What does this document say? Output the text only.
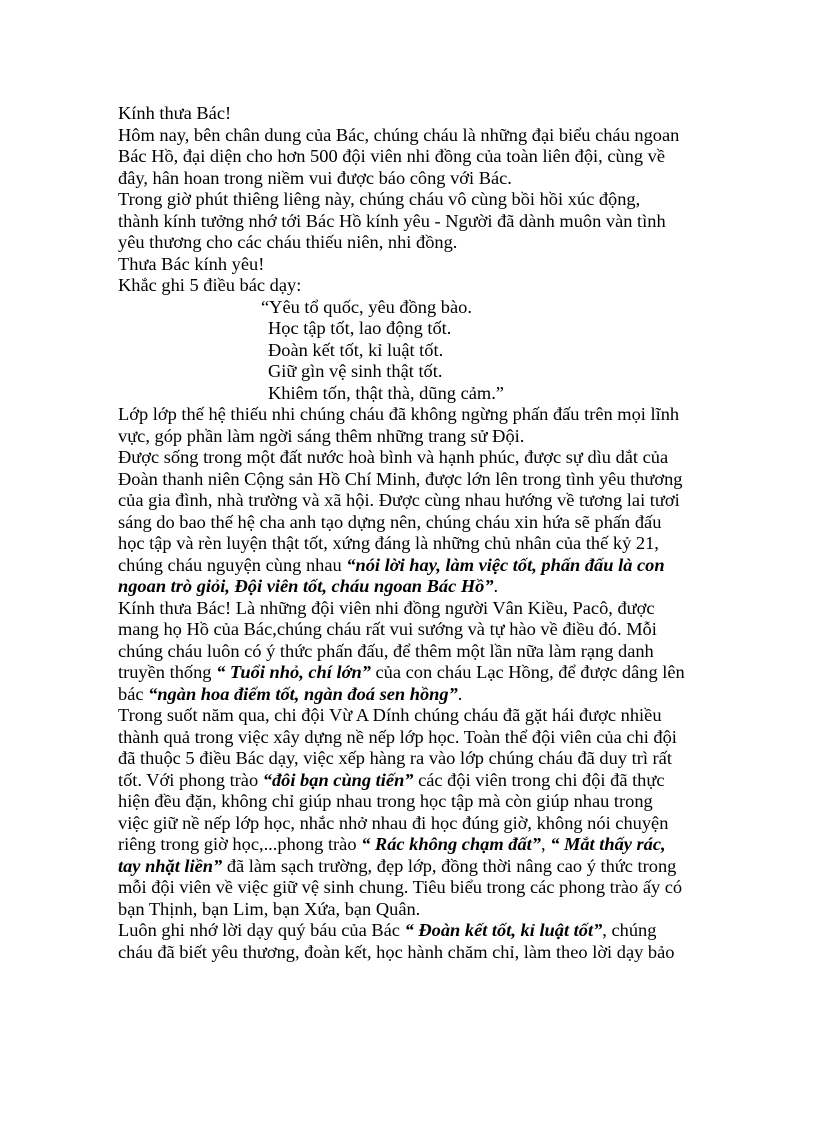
Kính thưa Bác!
Hôm nay, bên chân dung của Bác, chúng cháu là những đại biểu cháu ngoan
Bác Hồ, đại diện cho hơn 500 đội viên nhi đồng của toàn liên đội, cùng về
đây, hân hoan trong niềm vui được báo công với Bác.
Trong giờ phút thiêng liêng này, chúng cháu vô cùng bồi hồi xúc động,
thành kính tưởng nhớ tới Bác Hồ kính yêu - Người đã dành muôn vàn tình
yêu thương cho các cháu thiếu niên, nhi đồng.
Thưa Bác kính yêu!
Khắc ghi 5 điều bác dạy:
“Yêu tổ quốc, yêu đồng bào.
Học tập tốt, lao động tốt.
Đoàn kết tốt, kỉ luật tốt.
Giữ gìn vệ sinh thật tốt.
Khiêm tốn, thật thà, dũng cảm.”
Lớp lớp thế hệ thiếu nhi chúng cháu đã không ngừng phấn đấu trên mọi lĩnh
vực, góp phần làm ngời sáng thêm những trang sử Đội.
Được sống trong một đất nước hoà bình và hạnh phúc, được sự dìu dắt của
Đoàn thanh niên Cộng sản Hồ Chí Minh, được lớn lên trong tình yêu thương
của gia đình, nhà trường và xã hội. Được cùng nhau hướng về tương lai tươi
sáng do bao thế hệ cha anh tạo dựng nên, chúng cháu xin hứa sẽ phấn đấu
học tập và rèn luyện thật tốt, xứng đáng là những chủ nhân của thế kỷ 21,
chúng cháu nguyện cùng nhau “nói lời hay, làm việc tốt, phấn đấu là con
ngoan trò giỏi, Đội viên tốt, cháu ngoan Bác Hồ”.
Kính thưa Bác! Là những đội viên nhi đồng người Vân Kiều, Pacô, được
mang họ Hồ của Bác,chúng cháu rất vui sướng và tự hào về điều đó. Mỗi
chúng cháu luôn có ý thức phấn đấu, để thêm một lần nữa làm rạng danh
truyền thống “ Tuổi nhỏ, chí lớn” của con cháu Lạc Hồng, để được dâng lên
bác “ngàn hoa điểm tốt, ngàn đoá sen hồng”.
Trong suốt năm qua, chi đội Vừ A Dính chúng cháu đã gặt hái được nhiều
thành quả trong việc xây dựng nề nếp lớp học. Toàn thể đội viên của chi đội
đã thuộc 5 điều Bác dạy, việc xếp hàng ra vào lớp chúng cháu đã duy trì rất
tốt. Với phong trào “đôi bạn cùng tiến” các đội viên trong chi đội đã thực
hiện đều đặn, không chỉ giúp nhau trong học tập mà còn giúp nhau trong
việc giữ nề nếp lớp học, nhắc nhở nhau đi học đúng giờ, không nói chuyện
riêng trong giờ học,...phong trào “ Rác không chạm đất”, “ Mắt thấy rác,
tay nhặt liền” đã làm sạch trường, đẹp lớp, đồng thời nâng cao ý thức trong
mỗi đội viên về việc giữ vệ sinh chung. Tiêu biểu trong các phong trào ấy có
bạn Thịnh, bạn Lim, bạn Xứa, bạn Quân.
Luôn ghi nhớ lời dạy quý báu của Bác “ Đoàn kết tốt, kỉ luật tốt”, chúng
cháu đã biết yêu thương, đoàn kết, học hành chăm chỉ, làm theo lời dạy bảo
